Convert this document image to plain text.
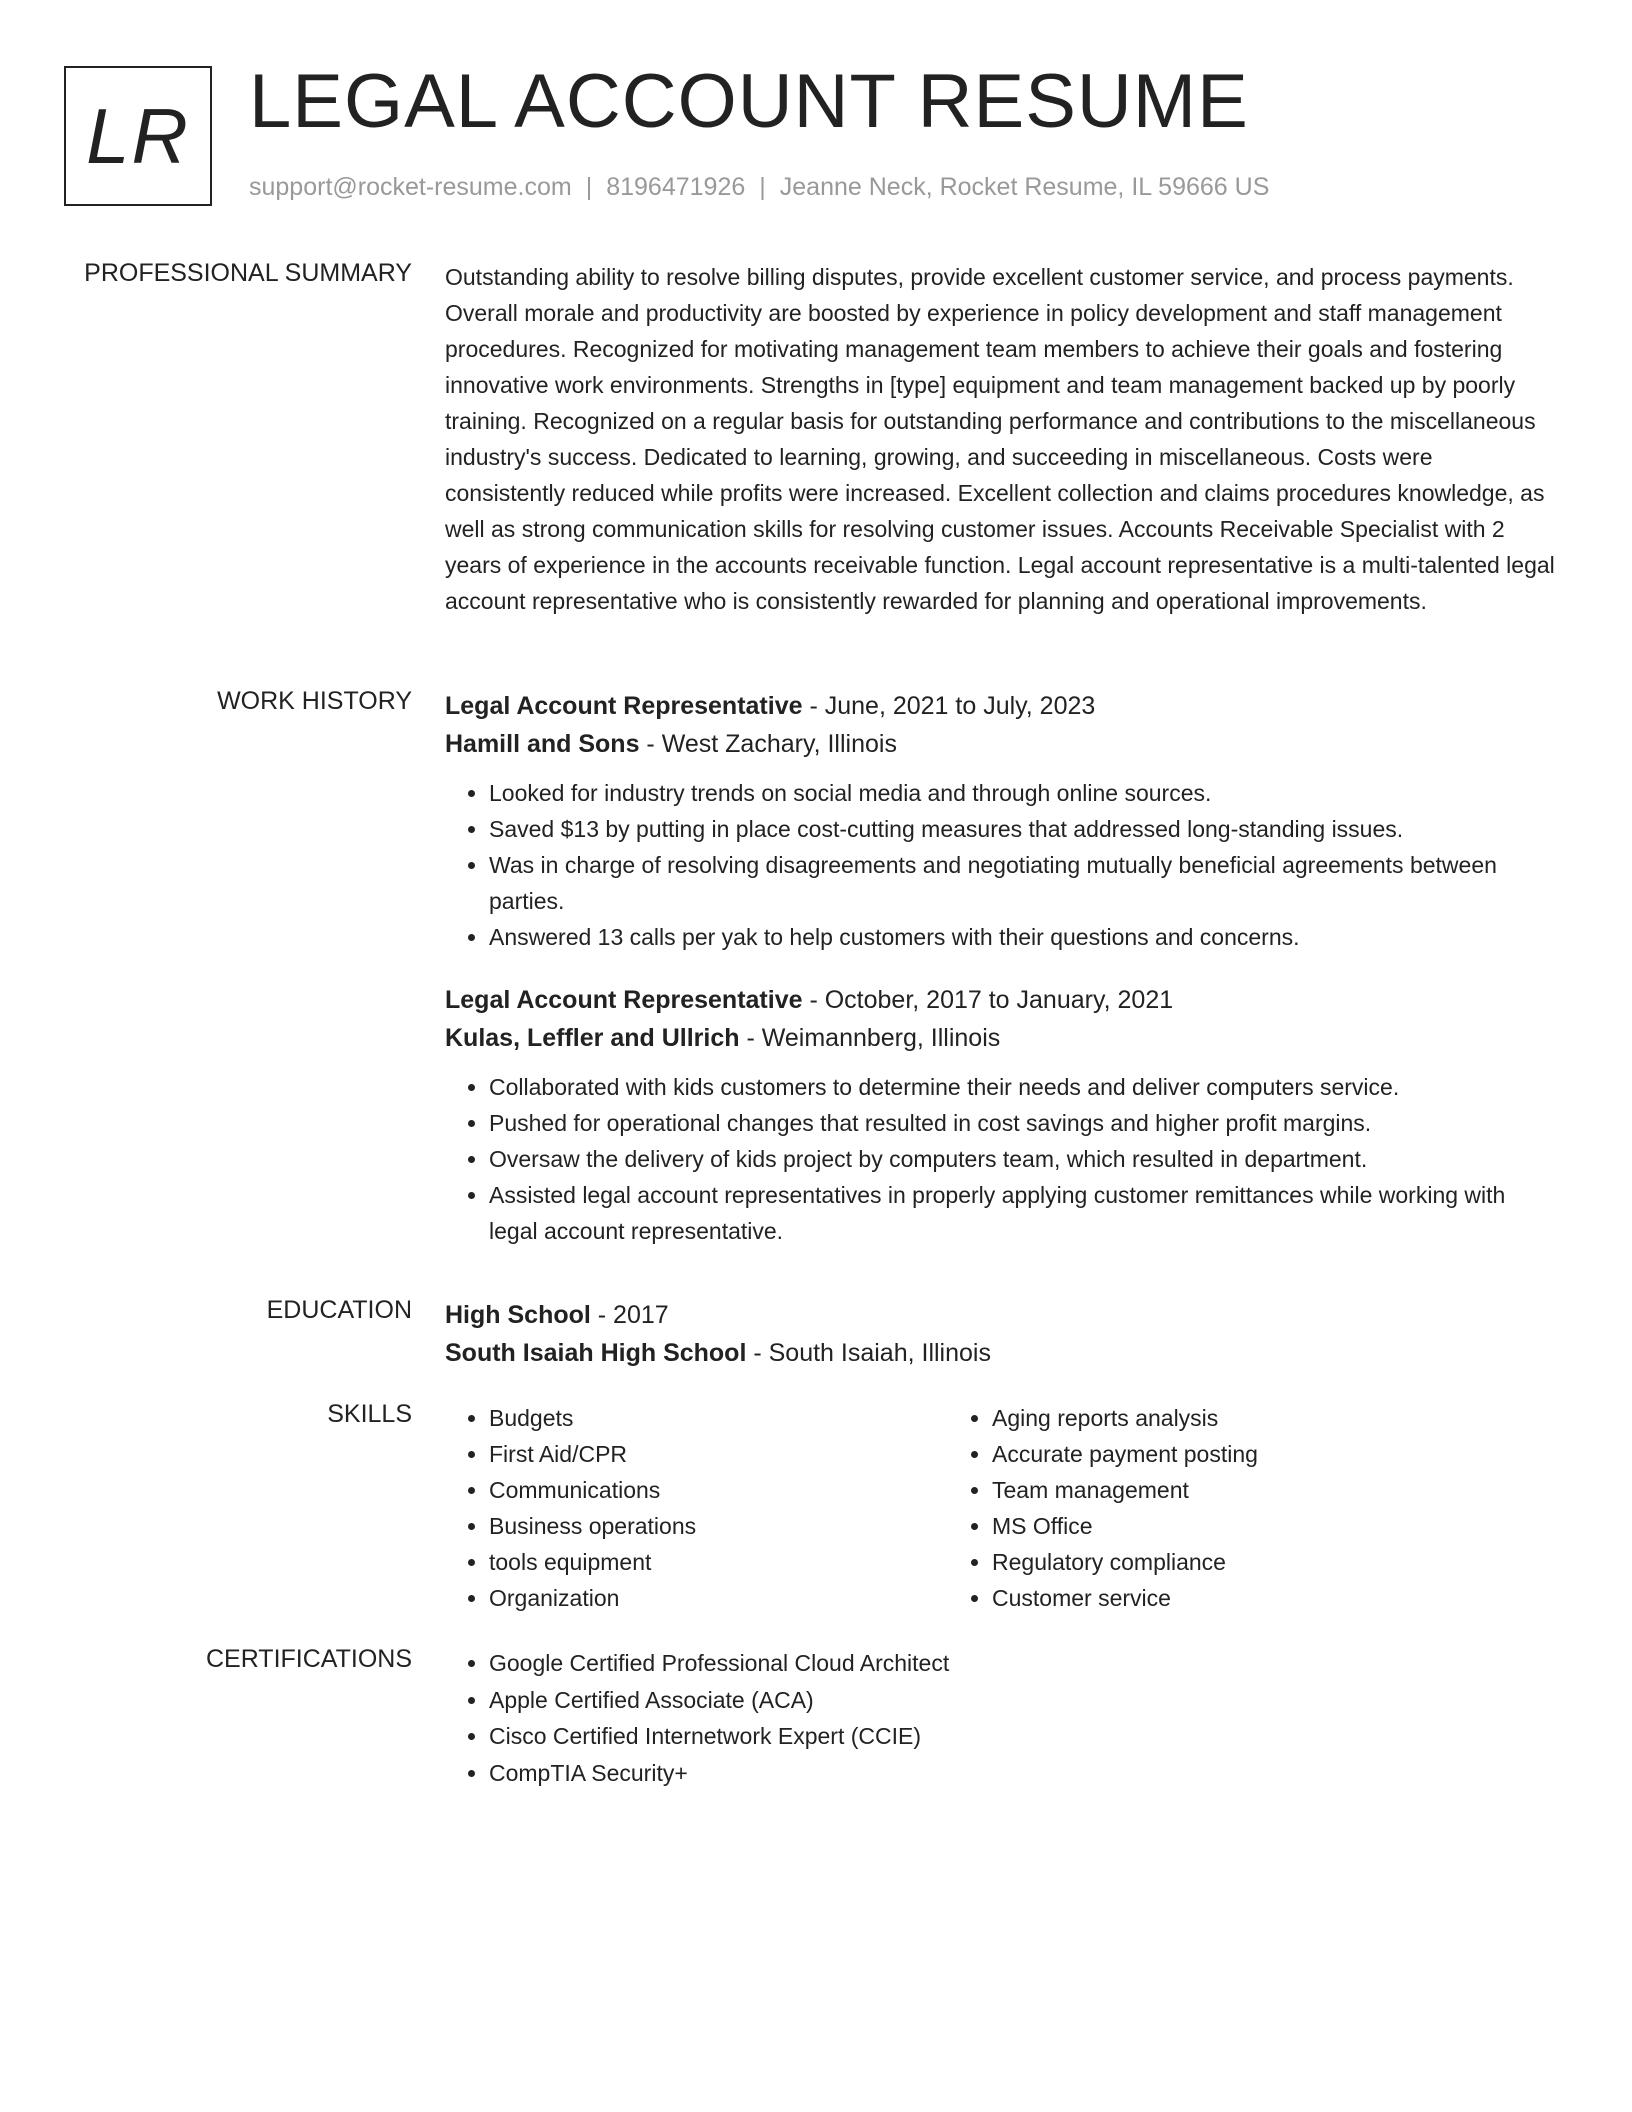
LR LEGAL ACCOUNT RESUME
support@rocket-resume.com | 8196471926 | Jeanne Neck, Rocket Resume, IL 59666 US
PROFESSIONAL SUMMARY Outstanding ability to resolve billing disputes, provide excellent customer service, and process payments. Overall morale and productivity are boosted by experience in policy development and staff management procedures. Recognized for motivating management team members to achieve their goals and fostering innovative work environments. Strengths in [type] equipment and team management backed up by poorly training. Recognized on a regular basis for outstanding performance and contributions to the miscellaneous industry's success. Dedicated to learning, growing, and succeeding in miscellaneous. Costs were consistently reduced while profits were increased. Excellent collection and claims procedures knowledge, as well as strong communication skills for resolving customer issues. Accounts Receivable Specialist with 2 years of experience in the accounts receivable function. Legal account representative is a multi-talented legal account representative who is consistently rewarded for planning and operational improvements.

WORK HISTORY Legal Account Representative - June, 2021 to July, 2023
Hamill and Sons - West Zachary, Illinois
• Looked for industry trends on social media and through online sources.
• Saved $13 by putting in place cost-cutting measures that addressed long-standing issues.
• Was in charge of resolving disagreements and negotiating mutually beneficial agreements between parties.
• Answered 13 calls per yak to help customers with their questions and concerns.
Legal Account Representative - October, 2017 to January, 2021
Kulas, Leffler and Ullrich - Weimannberg, Illinois
• Collaborated with kids customers to determine their needs and deliver computers service.
• Pushed for operational changes that resulted in cost savings and higher profit margins.
• Oversaw the delivery of kids project by computers team, which resulted in department.
• Assisted legal account representatives in properly applying customer remittances while working with legal account representative.
EDUCATION High School - 2017
South Isaiah High School - South Isaiah, Illinois
SKILLS	• Budgets
• First Aid/CPR
• Communications
• Business operations
• tools equipment
• Organization
• Aging reports analysis
• Accurate payment posting
• Team management
• MS Office
• Regulatory compliance
• Customer service
CERTIFICATIONS	• Google Certified Professional Cloud Architect
• Apple Certified Associate (ACA)
• Cisco Certified Internetwork Expert (CCIE)
• CompTIA Security+
